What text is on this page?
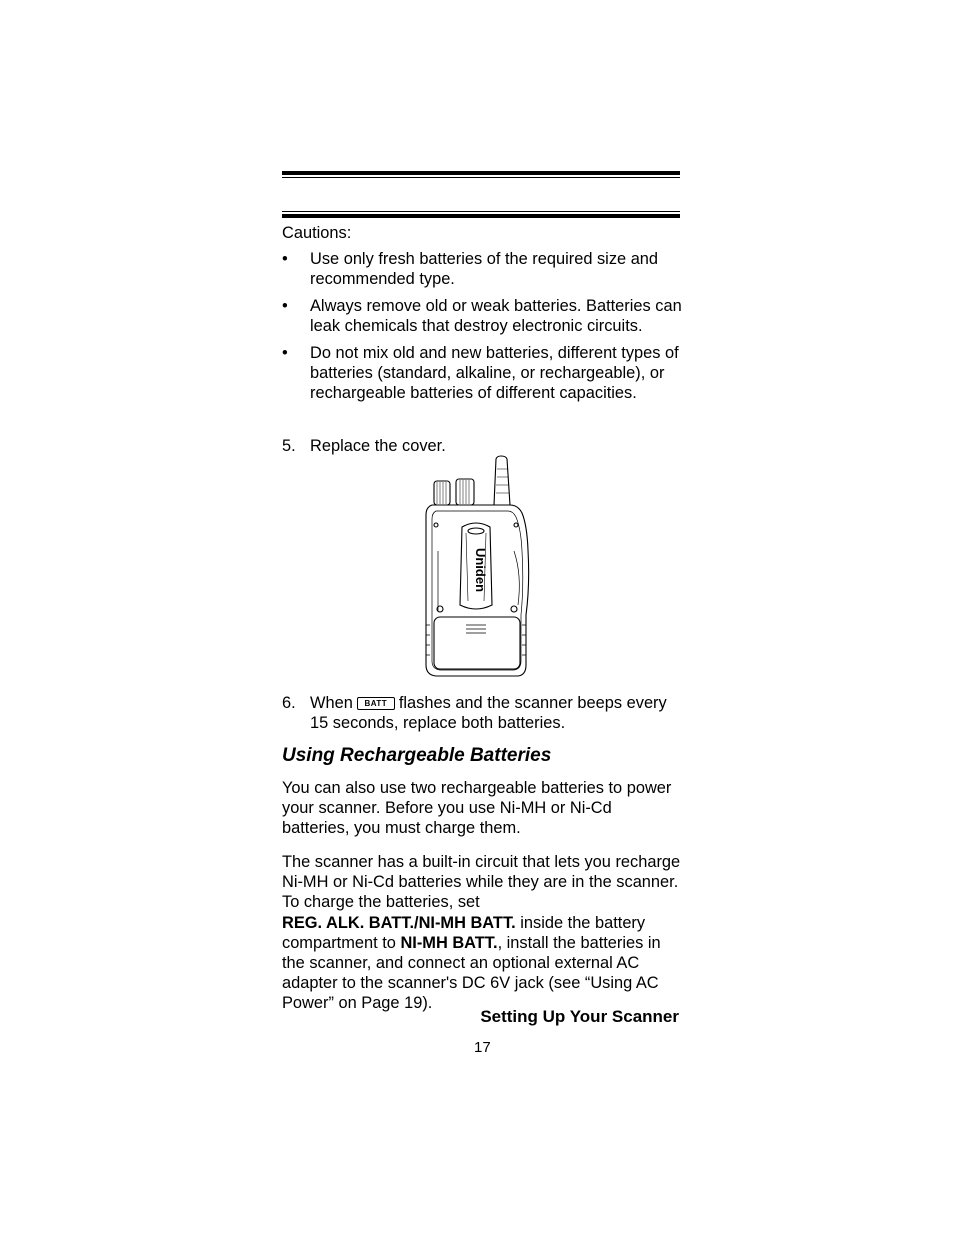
Cautions:
• Use only fresh batteries of the required size and recommended type.
• Always remove old or weak batteries. Batteries can leak chemicals that destroy electronic circuits.
• Do not mix old and new batteries, different types of batteries (standard, alkaline, or rechargeable), or rechargeable batteries of different capacities.
5. Replace the cover.
Uniden
6. When BATT flashes and the scanner beeps every 15 seconds, replace both batteries.
Using Rechargeable Batteries
You can also use two rechargeable batteries to power your scanner. Before you use Ni-MH or Ni-Cd batteries, you must charge them.
The scanner has a built-in circuit that lets you recharge Ni-MH or Ni-Cd batteries while they are in the scanner. To charge the batteries, set
REG. ALK. BATT./NI-MH BATT. inside the battery compartment to NI-MH BATT., install the batteries in the scanner, and connect an optional external AC adapter to the scanner's DC 6V jack (see “Using AC Power” on Page 19).
Setting Up Your Scanner
17
